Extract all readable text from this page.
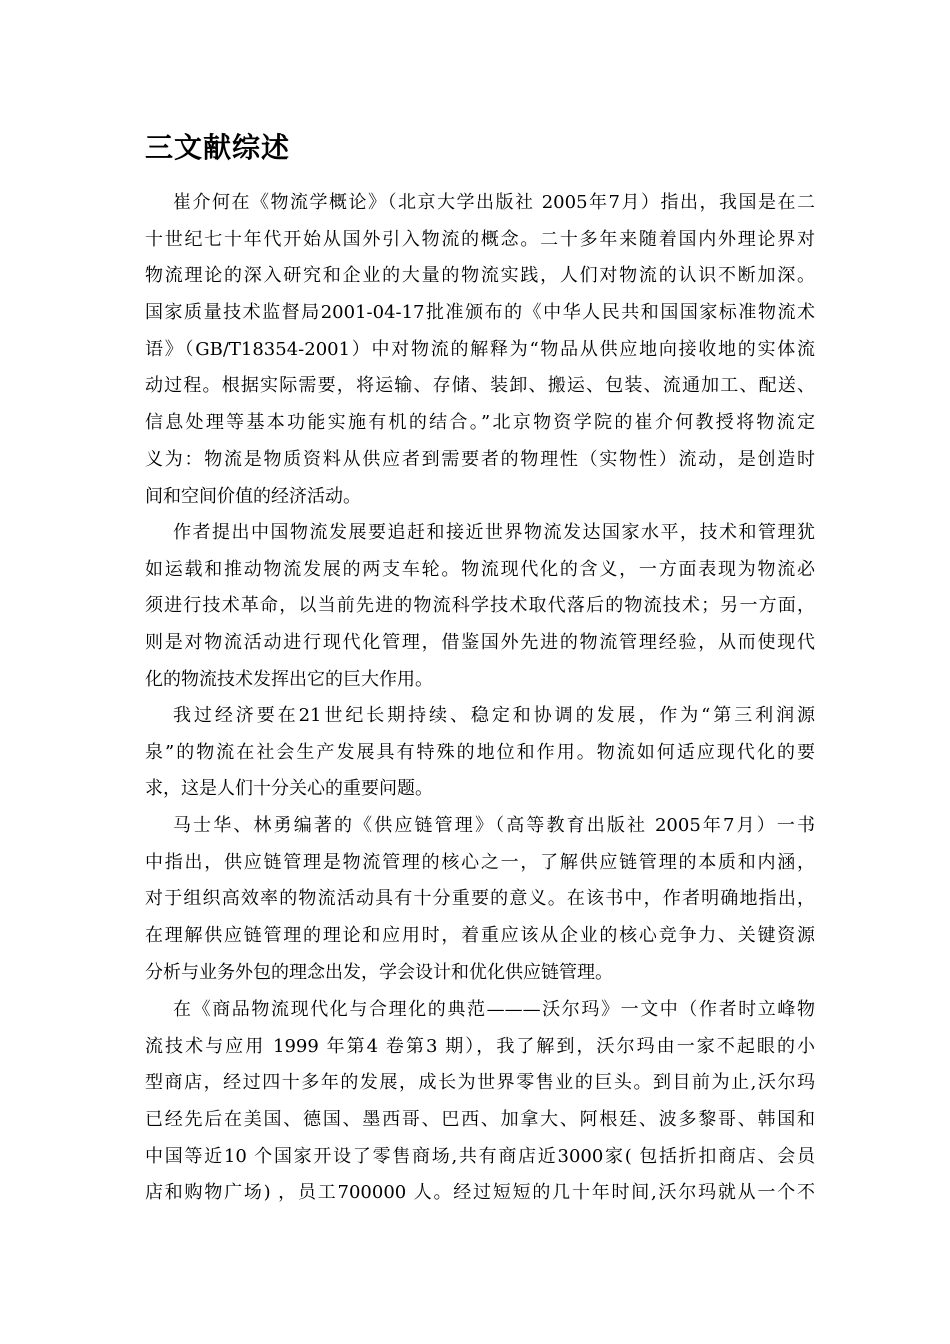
三文献综述
崔介何在《物流学概论》（北京大学出版社 2005年7月）指出，我国是在二
十世纪七十年代开始从国外引入物流的概念。二十多年来随着国内外理论界对
物流理论的深入研究和企业的大量的物流实践，人们对物流的认识不断加深。
国家质量技术监督局2001-04-17批准颁布的《中华人民共和国国家标准物流术
语》（GB/T18354-2001）中对物流的解释为“物品从供应地向接收地的实体流
动过程。根据实际需要，将运输、存储、装卸、搬运、包装、流通加工、配送、
信息处理等基本功能实施有机的结合。”北京物资学院的崔介何教授将物流定
义为：物流是物质资料从供应者到需要者的物理性（实物性）流动，是创造时
间和空间价值的经济活动。
作者提出中国物流发展要追赶和接近世界物流发达国家水平，技术和管理犹
如运载和推动物流发展的两支车轮。物流现代化的含义，一方面表现为物流必
须进行技术革命，以当前先进的物流科学技术取代落后的物流技术；另一方面，
则是对物流活动进行现代化管理，借鉴国外先进的物流管理经验，从而使现代
化的物流技术发挥出它的巨大作用。
我过经济要在21世纪长期持续、稳定和协调的发展，作为“第三利润源
泉”的物流在社会生产发展具有特殊的地位和作用。物流如何适应现代化的要
求，这是人们十分关心的重要问题。
马士华、林勇编著的《供应链管理》（高等教育出版社 2005年7月）一书
中指出，供应链管理是物流管理的核心之一，了解供应链管理的本质和内涵，
对于组织高效率的物流活动具有十分重要的意义。在该书中，作者明确地指出，
在理解供应链管理的理论和应用时，着重应该从企业的核心竞争力、关键资源
分析与业务外包的理念出发，学会设计和优化供应链管理。
在《商品物流现代化与合理化的典范———沃尔玛》一文中（作者时立峰物
流技术与应用 1999 年第4 卷第3 期），我了解到，沃尔玛由一家不起眼的小
型商店，经过四十多年的发展，成长为世界零售业的巨头。到目前为止,沃尔玛
已经先后在美国、德国、墨西哥、巴西、加拿大、阿根廷、波多黎哥、韩国和
中国等近10 个国家开设了零售商场,共有商店近3000家( 包括折扣商店、会员
店和购物广场) ，员工700000 人。经过短短的几十年时间,沃尔玛就从一个不
